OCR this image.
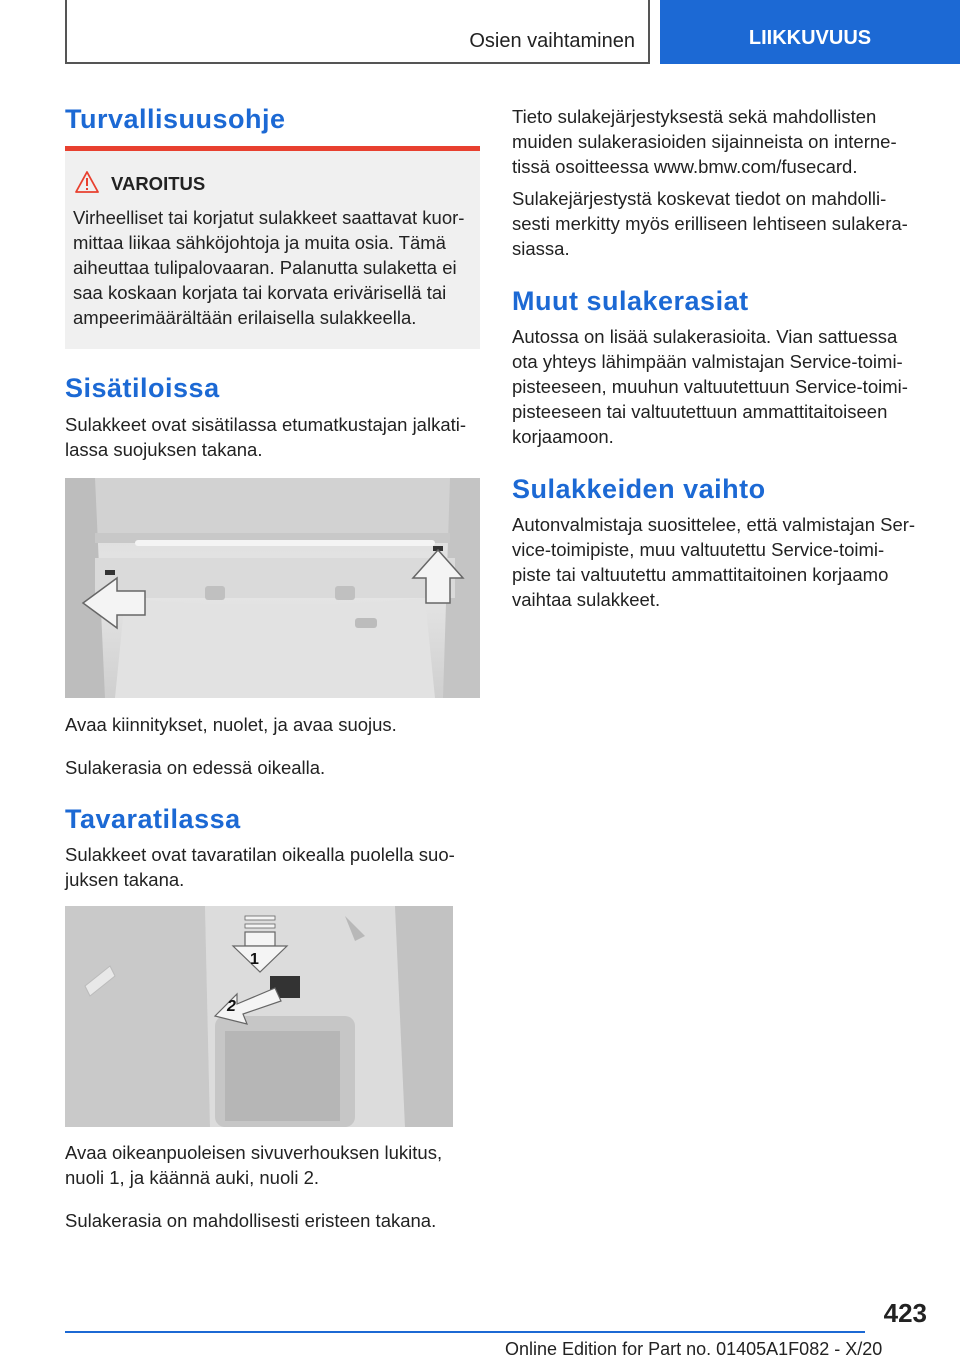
Osien vaihtaminen	LIIKKUVUUS
Turvallisuusohje
VAROITUS
Virheelliset tai korjatut sulakkeet saattavat kuor-
mittaa liikaa sähköjohtoja ja muita osia. Tämä
aiheuttaa tulipalovaaran. Palanutta sulaketta ei
saa koskaan korjata tai korvata erivärisellä tai
ampeerimäärältään erilaisella sulakkeella.
Sisätiloissa
Sulakkeet ovat sisätilassa etumatkustajan jalkati-
lassa suojuksen takana.
Avaa kiinnitykset, nuolet, ja avaa suojus.
Sulakerasia on edessä oikealla.
Tavaratilassa
Sulakkeet ovat tavaratilan oikealla puolella suo-
juksen takana.
1
2
Avaa oikeanpuoleisen sivuverhouksen lukitus,
nuoli 1, ja käännä auki, nuoli 2.
Sulakerasia on mahdollisesti eristeen takana.
Tieto sulakejärjestyksestä sekä mahdollisten
muiden sulakerasioiden sijainneista on interne-
tissä osoitteessa www.bmw.com/fusecard.
Sulakejärjestystä koskevat tiedot on mahdolli-
sesti merkitty myös erilliseen lehtiseen sulakera-
siassa.
Muut sulakerasiat
Autossa on lisää sulakerasioita. Vian sattuessa
ota yhteys lähimpään valmistajan Service-toimi-
pisteeseen, muuhun valtuutettuun Service-toimi-
pisteeseen tai valtuutettuun ammattitaitoiseen
korjaamoon.
Sulakkeiden vaihto
Autonvalmistaja suosittelee, että valmistajan Ser-
vice-toimipiste, muu valtuutettu Service-toimi-
piste tai valtuutettu ammattitaitoinen korjaamo
vaihtaa sulakkeet.
423
Online Edition for Part no. 01405A1F082 - X/20
